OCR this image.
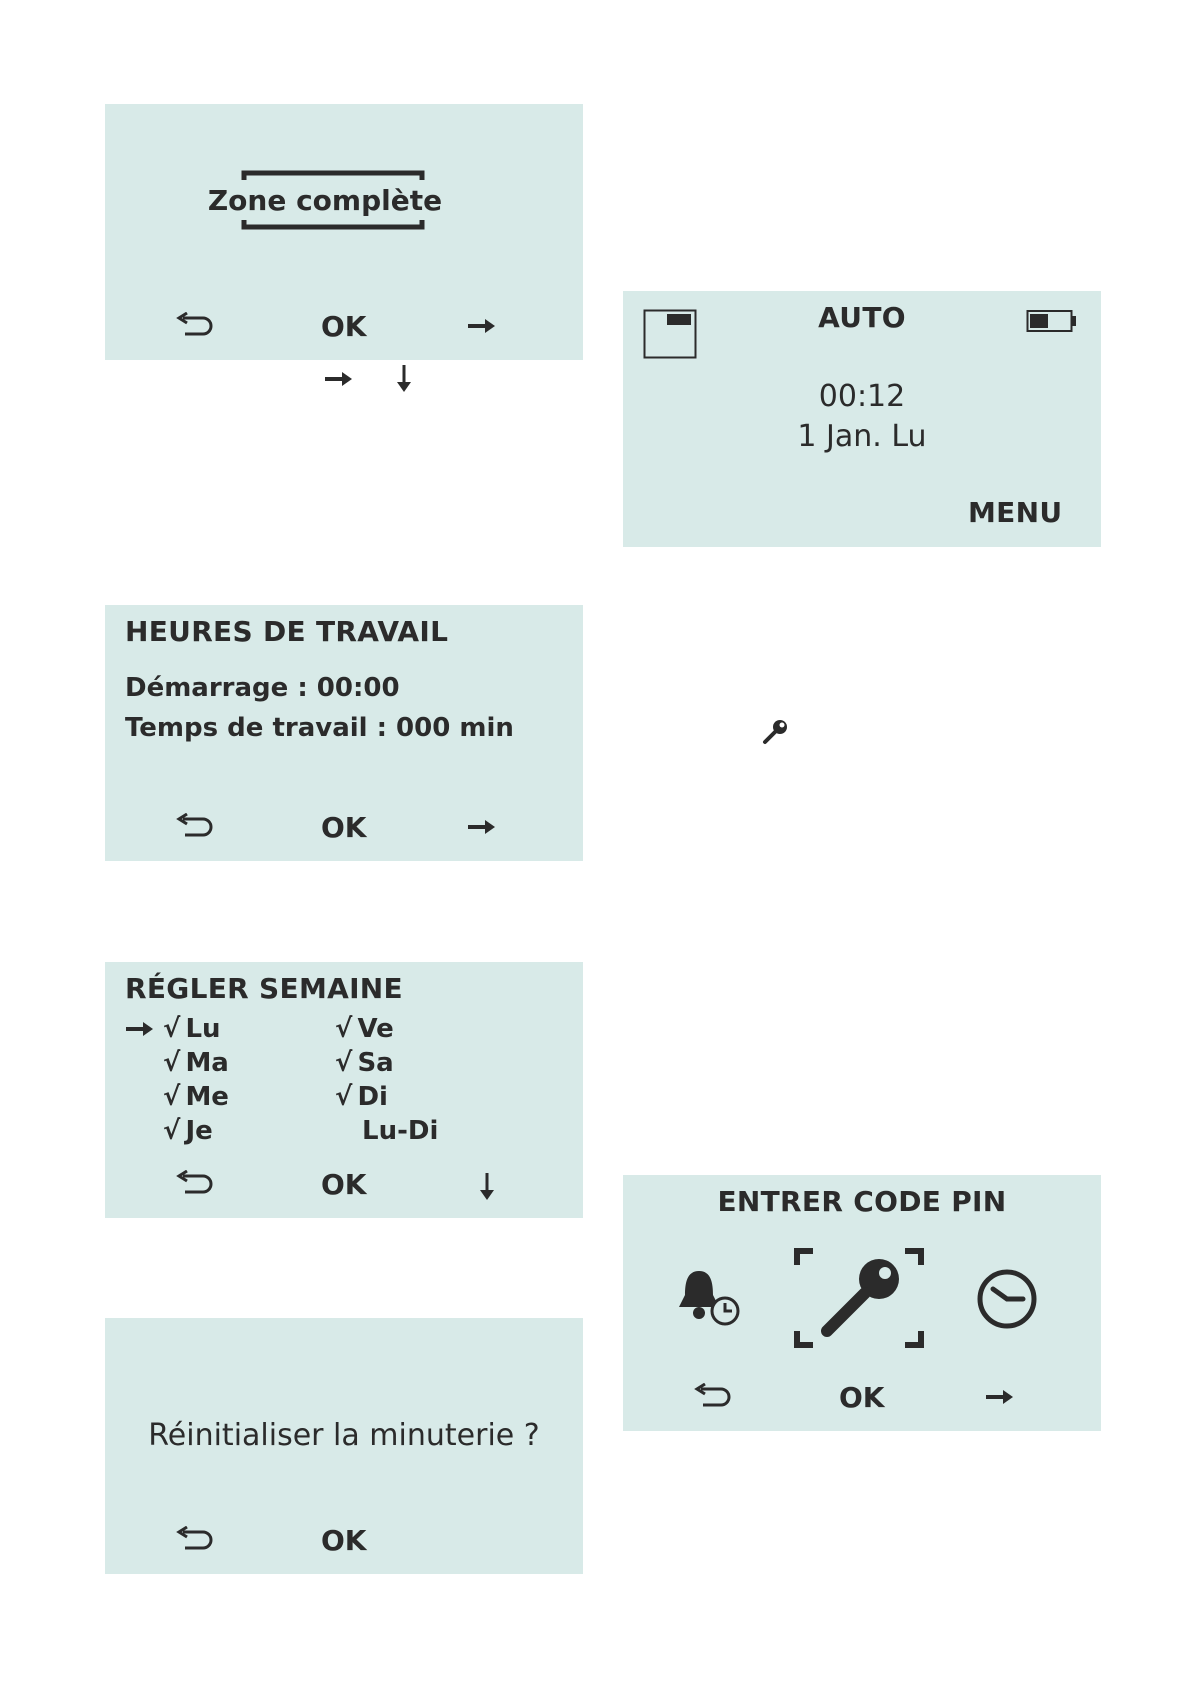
Zone complète
OK	AUTO
00:12
1 Jan. Lu
MENU
HEURES DE TRAVAIL
Démarrage : 00:00
Temps de travail : 000 min
OK
RÉGLER SEMAINE
√ Lu
√ Ma
√ Me
√ Je
√ Ve
√ Sa
√ Di
Lu-Di
OK
ENTRER CODE PIN
OK
Réinitialiser la minuterie ?
OK
